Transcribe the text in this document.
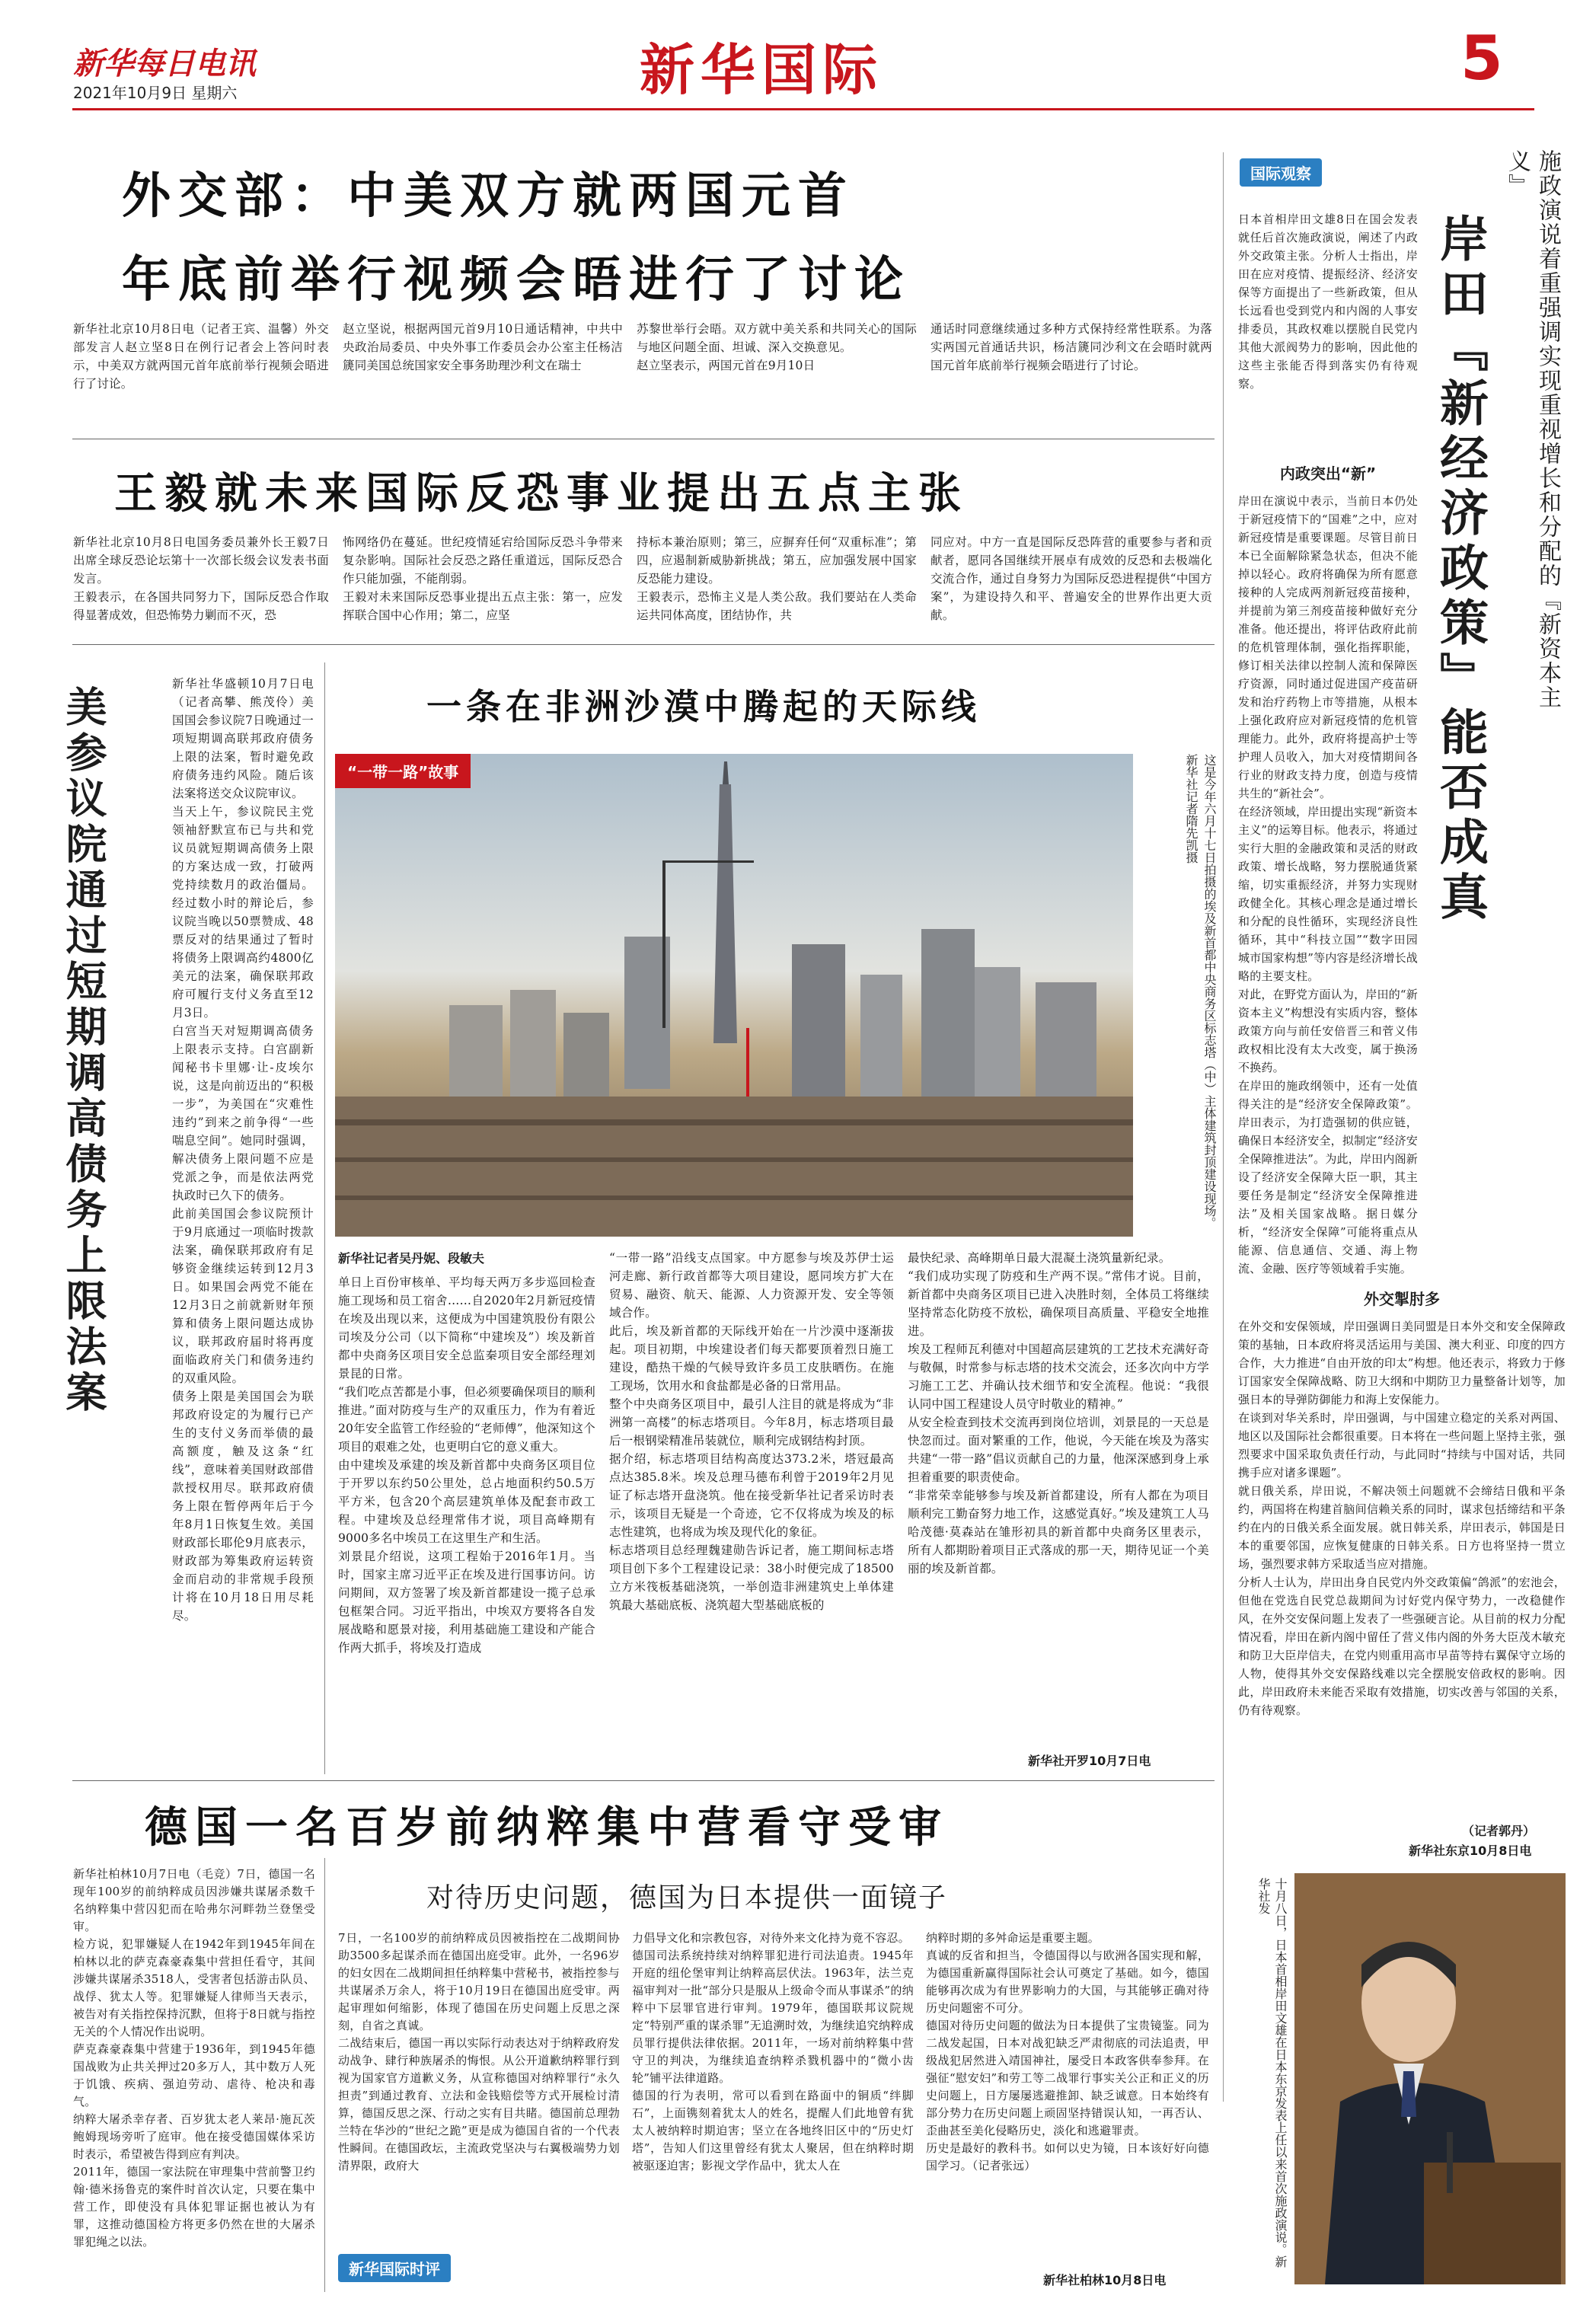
新华每日电讯
2021年10月9日 星期六	新华国际	5
外交部：中美双方就两国元首
年底前举行视频会晤进行了讨论
新华社北京10月8日电（记者王宾、温馨）外交部发言人赵立坚8日在例行记者会上答问时表示，中美双方就两国元首年底前举行视频会晤进行了讨论。
赵立坚说，根据两国元首9月10日通话精神，中共中央政治局委员、中央外事工作委员会办公室主任杨洁篪同美国总统国家安全事务助理沙利文在瑞士
苏黎世举行会晤。双方就中美关系和共同关心的国际与地区问题全面、坦诚、深入交换意见。
赵立坚表示，两国元首在9月10日
通话时同意继续通过多种方式保持经常性联系。为落实两国元首通话共识，杨洁篪同沙利文在会晤时就两国元首年底前举行视频会晤进行了讨论。
王毅就未来国际反恐事业提出五点主张
新华社北京10月8日电国务委员兼外长王毅7日出席全球反恐论坛第十一次部长级会议发表书面发言。
王毅表示，在各国共同努力下，国际反恐合作取得显著成效，但恐怖势力剿而不灭，恐
怖网络仍在蔓延。世纪疫情延宕给国际反恐斗争带来复杂影响。国际社会反恐之路任重道远，国际反恐合作只能加强，不能削弱。
王毅对未来国际反恐事业提出五点主张：第一，应发挥联合国中心作用；第二，应坚
持标本兼治原则；第三，应摒弃任何“双重标准”；第四，应遏制新威胁新挑战；第五，应加强发展中国家反恐能力建设。
王毅表示，恐怖主义是人类公敌。我们要站在人类命运共同体高度，团结协作，共
同应对。中方一直是国际反恐阵营的重要参与者和贡献者，愿同各国继续开展卓有成效的反恐和去极端化交流合作，通过自身努力为国际反恐进程提供“中国方案”，为建设持久和平、普遍安全的世界作出更大贡献。
美参议院通过短期调高债务上限法案
新华社华盛顿10月7日电（记者高攀、熊茂伶）美国国会参议院7日晚通过一项短期调高联邦政府债务上限的法案，暂时避免政府债务违约风险。随后该法案将送交众议院审议。
当天上午，参议院民主党领袖舒默宣布已与共和党议员就短期调高债务上限的方案达成一致，打破两党持续数月的政治僵局。经过数小时的辩论后，参议院当晚以50票赞成、48票反对的结果通过了暂时将债务上限调高约4800亿美元的法案，确保联邦政府可履行支付义务直至12月3日。
白宫当天对短期调高债务上限表示支持。白宫副新闻秘书卡里娜·让-皮埃尔说，这是向前迈出的“积极一步”，为美国在“灾难性违约”到来之前争得“一些喘息空间”。她同时强调，解决债务上限问题不应是党派之争，而是依法两党执政时已久下的债务。
此前美国国会参议院预计于9月底通过一项临时拨款法案，确保联邦政府有足够资金继续运转到12月3日。如果国会两党不能在12月3日之前就新财年预算和债务上限问题达成协议，联邦政府届时将再度面临政府关门和债务违约的双重风险。
债务上限是美国国会为联邦政府设定的为履行已产生的支付义务而举债的最高额度，触及这条“红线”，意味着美国财政部借款授权用尽。联邦政府债务上限在暂停两年后于今年8月1日恢复生效。美国财政部长耶伦9月底表示，财政部为筹集政府运转资金而启动的非常规手段预计将在10月18日用尽耗尽。
一条在非洲沙漠中腾起的天际线
“一带一路”故事	这是今年六月十七日拍摄的埃及新首都中央商务区标志塔（中）主体建筑封顶建设现场。新华社记者隋先凯摄
新华社记者吴丹妮、段敏夫
单日上百份审核单、平均每天两万多步巡回检查施工现场和员工宿舍……自2020年2月新冠疫情在埃及出现以来，这便成为中国建筑股份有限公司埃及分公司（以下简称“中建埃及”）埃及新首都中央商务区项目安全总监秦项目安全部经理刘景昆的日常。
“我们吃点苦都是小事，但必须要确保项目的顺利推进。”面对防疫与生产的双重压力，作为有着近20年安全监管工作经验的“老师傅”，他深知这个项目的艰难之处，也更明白它的意义重大。
由中建埃及承建的埃及新首都中央商务区项目位于开罗以东约50公里处，总占地面积约50.5万平方米，包含20个高层建筑单体及配套市政工程。中建埃及总经理常伟才说，项目高峰期有9000多名中埃员工在这里生产和生活。
刘景昆介绍说，这项工程始于2016年1月。当时，国家主席习近平正在埃及进行国事访问。访问期间，双方签署了埃及新首都建设一揽子总承包框架合同。习近平指出，中埃双方要将各自发展战略和愿景对接，利用基础施工建设和产能合作两大抓手，将埃及打造成
“一带一路”沿线支点国家。中方愿参与埃及苏伊士运河走廊、新行政首都等大项目建设，愿同埃方扩大在贸易、融资、航天、能源、人力资源开发、安全等领域合作。
此后，埃及新首都的天际线开始在一片沙漠中逐渐拔起。项目初期，中埃建设者们每天都要顶着烈日施工建设，酷热干燥的气候导致许多员工皮肤晒伤。在施工现场，饮用水和食盐都是必备的日常用品。
整个中央商务区项目中，最引人注目的就是将成为“非洲第一高楼”的标志塔项目。今年8月，标志塔项目最后一根钢梁精准吊装就位，顺利完成钢结构封顶。
据介绍，标志塔项目结构高度达373.2米，塔冠最高点达385.8米。埃及总理马德布利曾于2019年2月见证了标志塔开盘浇筑。他在接受新华社记者采访时表示，该项目无疑是一个奇迹，它不仅将成为埃及的标志性建筑，也将成为埃及现代化的象征。
标志塔项目总经理魏建勋告诉记者，施工期间标志塔项目创下多个工程建设记录：38小时便完成了18500立方米筏板基础浇筑，一举创造非洲建筑史上单体建筑最大基础底板、浇筑超大型基础底板的
最快纪录、高峰期单日最大混凝土浇筑量新纪录。
“我们成功实现了防疫和生产两不误。”常伟才说。目前，新首都中央商务区项目已进入决胜时刻，全体员工将继续坚持常态化防疫不放松，确保项目高质量、平稳安全地推进。
埃及工程师瓦利德对中国超高层建筑的工艺技术充满好奇与敬佩，时常参与标志塔的技术交流会，还多次向中方学习施工工艺、并确认技术细节和安全流程。他说：“我很认同中国工程建设人员守时敬业的精神。”
从安全检查到技术交流再到岗位培训，刘景昆的一天总是快忽而过。面对繁重的工作，他说，今天能在埃及为落实共建“一带一路”倡议贡献自己的力量，他深深感到身上承担着重要的职责使命。
“非常荣幸能够参与埃及新首都建设，所有人都在为项目顺利完工勤奋努力地工作，这感觉真好。”埃及建筑工人马哈茂德·莫森站在雏形初具的新首都中央商务区里表示，所有人都期盼着项目正式落成的那一天，期待见证一个美丽的埃及新首都。
新华社开罗10月7日电
国际观察	施政演说着重强调实现重视增长和分配的『新资本主义』
岸田『新经济政策』能否成真
日本首相岸田文雄8日在国会发表就任后首次施政演说，阐述了内政外交政策主张。分析人士指出，岸田在应对疫情、提振经济、经济安保等方面提出了一些新政策，但从长远看也受到党内和内阁的人事安排委员，其政权难以摆脱自民党内其他大派阀势力的影响，因此他的这些主张能否得到落实仍有待观察。
内政突出“新”
岸田在演说中表示，当前日本仍处于新冠疫情下的“国难”之中，应对新冠疫情是重要课题。尽管目前日本已全面解除紧急状态，但决不能掉以轻心。政府将确保为所有愿意接种的人完成两剂新冠疫苗接种，并提前为第三剂疫苗接种做好充分准备。他还提出，将评估政府此前的危机管理体制，强化指挥职能，修订相关法律以控制人流和保障医疗资源，同时通过促进国产疫苗研发和治疗药物上市等措施，从根本上强化政府应对新冠疫情的危机管理能力。此外，政府将提高护士等护理人员收入，加大对疫情期间各行业的财政支持力度，创造与疫情共生的“新社会”。
在经济领域，岸田提出实现“新资本主义”的运筹目标。他表示，将通过实行大胆的金融政策和灵活的财政政策、增长战略，努力摆脱通货紧缩，切实重振经济，并努力实现财政健全化。其核心理念是通过增长和分配的良性循环，实现经济良性循环，其中“科技立国”“数字田园城市国家构想”等内容是经济增长战略的主要支柱。
对此，在野党方面认为，岸田的“新资本主义”构想没有实质内容，整体政策方向与前任安倍晋三和菅义伟政权相比没有太大改变，属于换汤不换药。
在岸田的施政纲领中，还有一处值得关注的是“经济安全保障政策”。岸田表示，为打造强韧的供应链，确保日本经济安全，拟制定“经济安全保障推进法”。为此，岸田内阁新设了经济安全保障大臣一职，其主要任务是制定“经济安全保障推进法”及相关国家战略。据日媒分析，“经济安全保障”可能将重点从能源、信息通信、交通、海上物流、金融、医疗等领域着手实施。
外交掣肘多
在外交和安保领域，岸田强调日美同盟是日本外交和安全保障政策的基轴，日本政府将灵活运用与美国、澳大利亚、印度的四方合作，大力推进“自由开放的印太”构想。他还表示，将致力于修订国家安全保障战略、防卫大纲和中期防卫力量整备计划等，加强日本的导弹防御能力和海上安保能力。
在谈到对华关系时，岸田强调，与中国建立稳定的关系对两国、地区以及国际社会都很重要。日本将在一些问题上坚持主张，强烈要求中国采取负责任行动，与此同时“持续与中国对话，共同携手应对诸多课题”。
就日俄关系，岸田说，不解决领土问题就不会缔结日俄和平条约，两国将在构建首脑间信赖关系的同时，谋求包括缔结和平条约在内的日俄关系全面发展。就日韩关系，岸田表示，韩国是日本的重要邻国，应恢复健康的日韩关系。日方也将坚持一贯立场，强烈要求韩方采取适当应对措施。
分析人士认为，岸田出身自民党内外交政策偏“鸽派”的宏池会，但他在党选自民党总裁期间为讨好党内保守势力，一改稳健作风，在外交安保问题上发表了一些强硬言论。从目前的权力分配情况看，岸田在新内阁中留任了营义伟内阁的外务大臣茂木敏充和防卫大臣岸信夫，在党内则重用高市早苗等持右翼保守立场的人物，使得其外交安保路线难以完全摆脱安倍政权的影响。因此，岸田政府未来能否采取有效措施，切实改善与邻国的关系，仍有待观察。
（记者郭丹）
新华社东京10月8日电
十月八日，日本首相岸田文雄在日本东京发表上任以来首次施政演说。新华社发
德国一名百岁前纳粹集中营看守受审
新华社柏林10月7日电（毛竞）7日，德国一名现年100岁的前纳粹成员因涉嫌共谋屠杀数千名纳粹集中营囚犯而在哈弗尔河畔勃兰登堡受审。
检方说，犯罪嫌疑人在1942年到1945年间在柏林以北的萨克森豪森集中营担任看守，其间涉嫌共谋屠杀3518人，受害者包括游击队员、战俘、犹太人等。犯罪嫌疑人律师当天表示，被告对有关指控保持沉默，但将于8日就与指控无关的个人情况作出说明。
萨克森豪森集中营建于1936年，到1945年德国战败为止共关押过20多万人，其中数万人死于饥饿、疾病、强迫劳动、虐待、枪决和毒气。
纳粹大屠杀幸存者、百岁犹太老人莱昂·施瓦茨鲍姆现场旁听了庭审。他在接受德国媒体采访时表示，希望被告得到应有判决。
2011年，德国一家法院在审理集中营前警卫约翰·德米扬鲁克的案件时首次认定，只要在集中营工作，即使没有具体犯罪证据也被认为有罪，这推动德国检方将更多仍然在世的大屠杀罪犯绳之以法。
对待历史问题，德国为日本提供一面镜子
7日，一名100岁的前纳粹成员因被指控在二战期间协助3500多起谋杀而在德国出庭受审。此外，一名96岁的妇女因在二战期间担任纳粹集中营秘书，被指控参与共谋屠杀万余人，将于10月19日在德国出庭受审。两起审理如何缩影，体现了德国在历史问题上反思之深刻，自省之真诚。
二战结束后，德国一再以实际行动表达对于纳粹政府发动战争、肆行种族屠杀的悔恨。从公开道歉纳粹罪行到视为国家官方道歉义务，从宣称德国对纳粹罪行“永久担责”到通过教育、立法和金钱赔偿等方式开展检讨清算，德国反思之深、行动之实有目共睹。德国前总理勃兰特在华沙的“世纪之跪”更是成为德国自省的一个代表性瞬间。在德国政坛，主流政党坚决与右翼极端势力划清界限，政府大
新华国际时评
力倡导文化和宗教包容，对待外来文化持为竟不容忍。
德国司法系统持续对纳粹罪犯进行司法追责。1945年开庭的纽伦堡审判让纳粹高层伏法。1963年，法兰克福审判对一批“部分只是服从上级命令而从事谋杀”的纳粹中下层罪官进行审判。1979年，德国联邦议院规定“特别严重的谋杀罪”无追溯时效，为继续追究纳粹成员罪行提供法律依据。2011年，一场对前纳粹集中营守卫的判决，为继续追查纳粹杀戮机器中的“微小齿轮”铺平法律道路。
德国的行为表明，常可以看到在路面中的铜质“绊脚石”，上面镌刻着犹太人的姓名，提醒人们此地曾有犹太人被纳粹时期迫害；坚立在各地终旧区中的“历史灯塔”，告知人们这里曾经有犹太人聚居，但在纳粹时期被驱逐迫害；影视文学作品中，犹太人在
纳粹时期的多舛命运是重要主题。
真诚的反省和担当，令德国得以与欧洲各国实现和解，为德国重新赢得国际社会认可奠定了基础。如今，德国能够再次成为有世界影响力的大国，与其能够正确对待历史问题密不可分。
德国对待历史问题的做法为日本提供了宝贵镜鉴。同为二战发起国，日本对战犯缺乏严肃彻底的司法追责，甲级战犯居然进入靖国神社，屡受日本政客供奉参拜。在强征“慰安妇”和劳工等二战罪行事实关公正和正义的历史问题上，日方屡屡逃避推卸、缺乏诚意。日本始终有部分势力在历史问题上顽固坚持错误认知，一再否认、歪曲甚至美化侵略历史，淡化和逃避罪责。
历史是最好的教科书。如何以史为镜，日本该好好向德国学习。（记者张远）
新华社柏林10月8日电
